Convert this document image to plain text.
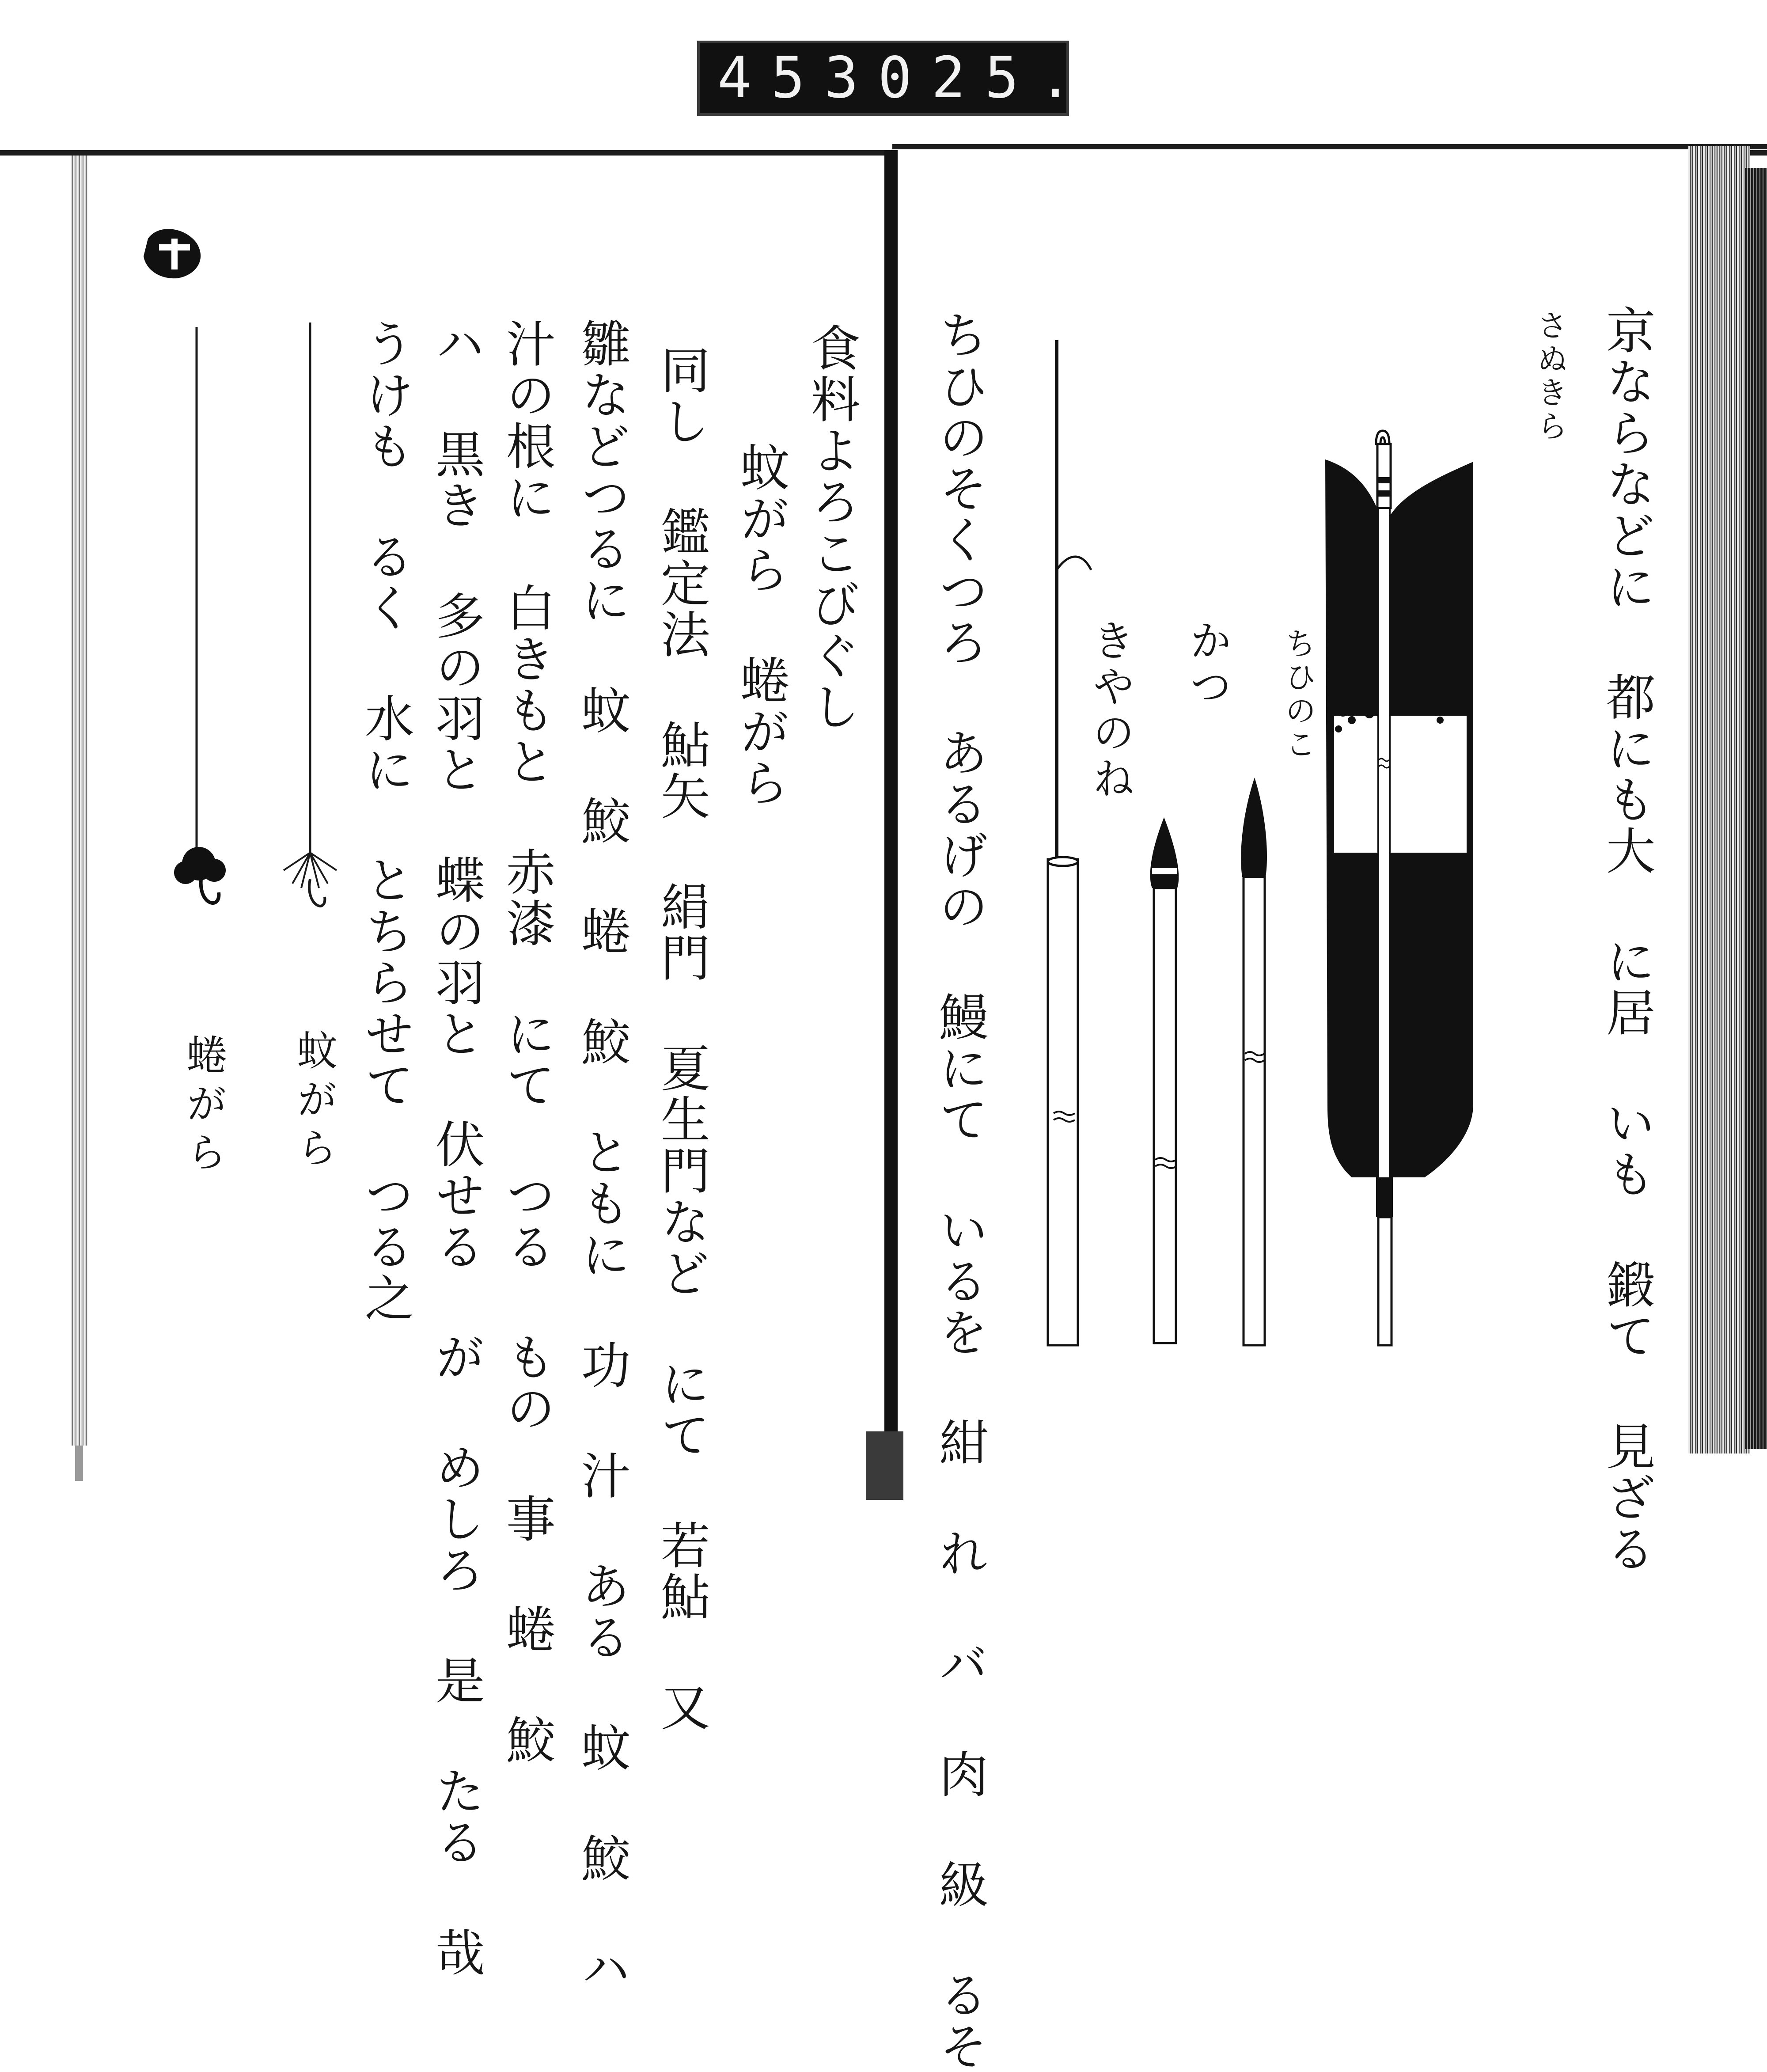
453 025.
食料よろこびぐし
蚊がら 蜷がら
同し 鑑定法 鮎矢 絹門 夏生門など にて 若鮎 又
雛などつるに 蚊 鮫 蜷 鮫 ともに 功 汁 ある 蚊 鮫 ハ
汁の根に 白きもと 赤漆 にて つる もの 事 蜷 鮫
ハ 黒き 多の羽と 蝶の羽と 伏せる が めしろ 是 たる 哉
うけも るく 水に とちらせて つる之
蚊がら
蜷がら	京ならなどに 都にも大 に居 いも 鍛て 見ざる
さぬきら
ちひのそくつろ あるげの 鰻にて いるを 紺 れ バ 肉 級 るそ きやのね かつ ちひのこ
